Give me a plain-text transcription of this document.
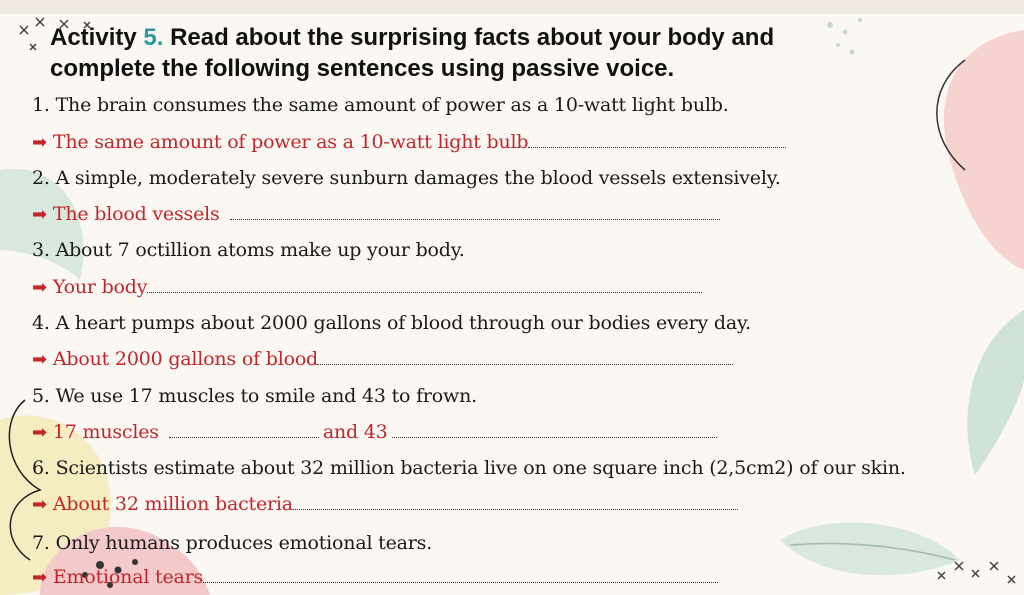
Activity 5. Read about the surprising facts about your body and
complete the following sentences using passive voice.
1. The brain consumes the same amount of power as a 10-watt light bulb.
➡ The same amount of power as a 10-watt light bulb
2. A simple, moderately severe sunburn damages the blood vessels extensively.
➡ The blood vessels
3. About 7 octillion atoms make up your body.
➡ Your body
4. A heart pumps about 2000 gallons of blood through our bodies every day.
➡ About 2000 gallons of blood
5. We use 17 muscles to smile and 43 to frown.
➡ 17 muscles	and 43
6. Scientists estimate about 32 million bacteria live on one square inch (2,5cm2) of our skin.
➡ About 32 million bacteria
7. Only humans produces emotional tears.
➡ Emotional tears
